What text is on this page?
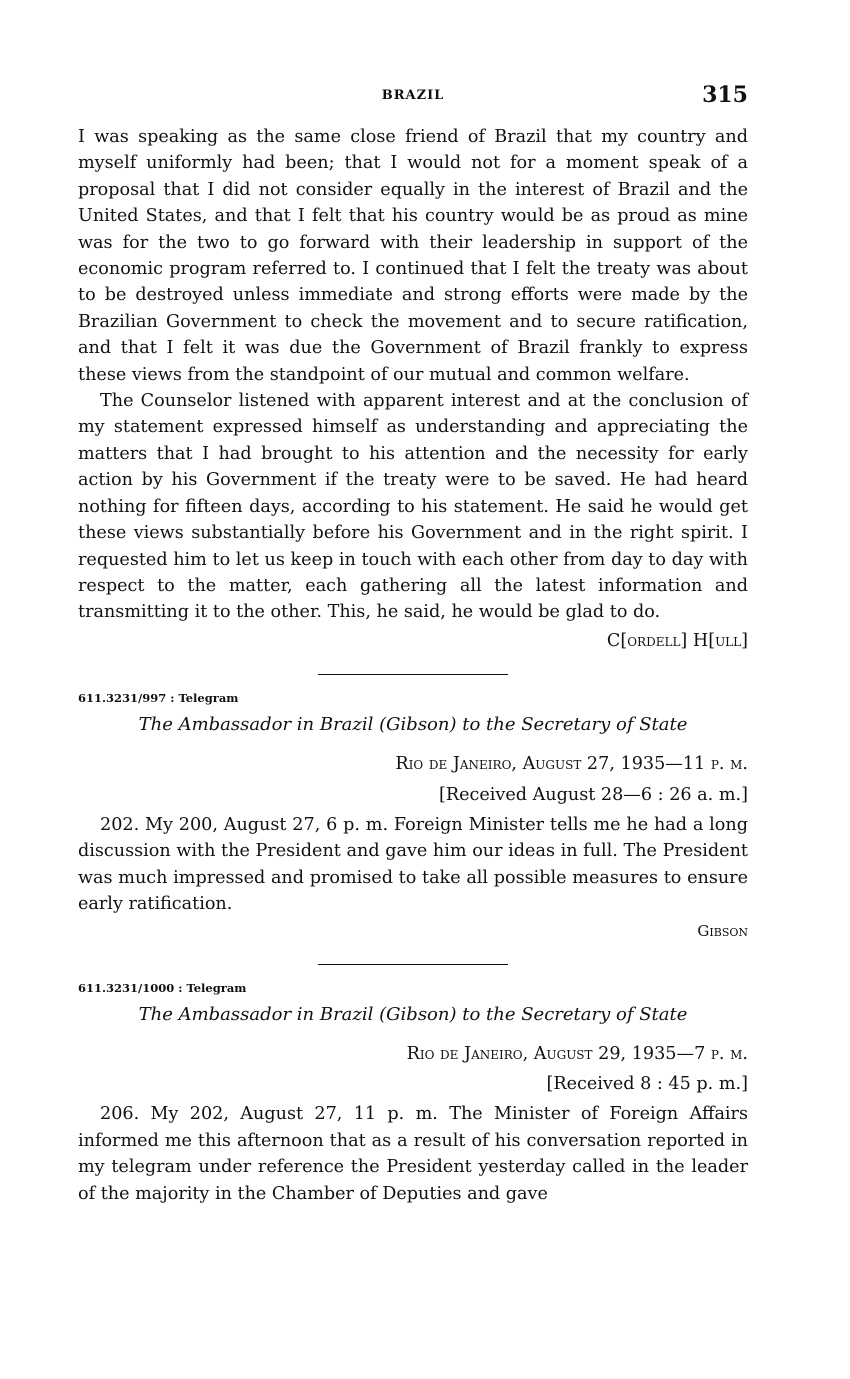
BRAZIL	315

I was speaking as the same close friend of Brazil that my country and myself uniformly had been; that I would not for a moment speak of a proposal that I did not consider equally in the interest of Brazil and the United States, and that I felt that his country would be as proud as mine was for the two to go forward with their leadership in support of the economic program referred to. I continued that I felt the treaty was about to be destroyed unless immediate and strong efforts were made by the Brazilian Government to check the movement and to secure ratification, and that I felt it was due the Government of Brazil frankly to express these views from the standpoint of our mutual and common welfare.

The Counselor listened with apparent interest and at the conclusion of my statement expressed himself as understanding and appreciating the matters that I had brought to his attention and the necessity for early action by his Government if the treaty were to be saved. He had heard nothing for fifteen days, according to his statement. He said he would get these views substantially before his Government and in the right spirit. I requested him to let us keep in touch with each other from day to day with respect to the matter, each gathering all the latest information and transmitting it to the other. This, he said, he would be glad to do.

C[ordell] H[ull]
611.3231/997 : Telegram
The Ambassador in Brazil (Gibson) to the Secretary of State
Rio de Janeiro, August 27, 1935—11 p. m.
[Received August 28—6 : 26 a. m.]

202. My 200, August 27, 6 p. m. Foreign Minister tells me he had a long discussion with the President and gave him our ideas in full. The President was much impressed and promised to take all possible measures to ensure early ratification.

Gibson
611.3231/1000 : Telegram
The Ambassador in Brazil (Gibson) to the Secretary of State
Rio de Janeiro, August 29, 1935—7 p. m.
[Received 8 : 45 p. m.]

206. My 202, August 27, 11 p. m. The Minister of Foreign Affairs informed me this afternoon that as a result of his conversation reported in my telegram under reference the President yesterday called in the leader of the majority in the Chamber of Deputies and gave
